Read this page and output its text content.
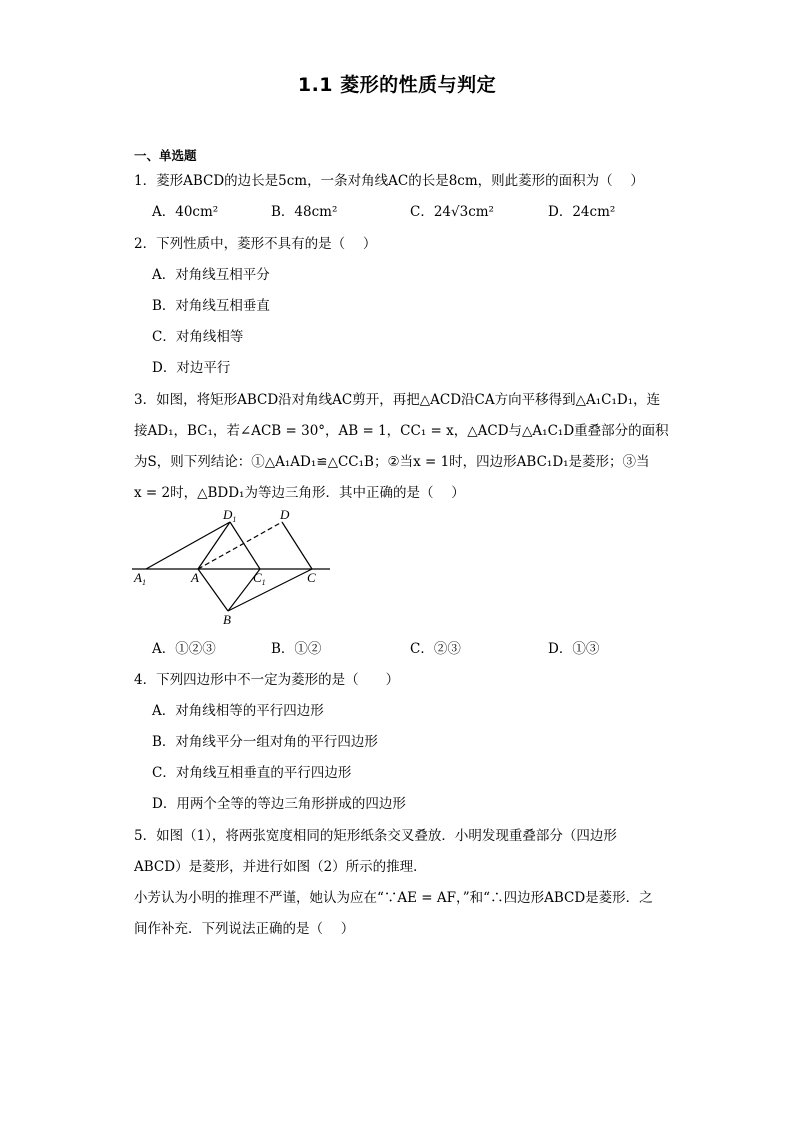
1.1 菱形的性质与判定
一、单选题
1．菱形ABCD的边长是5cm，一条对角线AC的长是8cm，则此菱形的面积为（　 ）
A．40cm²	B．48cm²	C．24√3cm²	D．24cm²
2．下列性质中，菱形不具有的是（　 ）
A．对角线互相平分
B．对角线互相垂直
C．对角线相等
D．对边平行
3．如图，将矩形ABCD沿对角线AC剪开，再把△ACD沿CA方向平移得到△A₁C₁D₁，连
接AD₁，BC₁，若∠ACB = 30°，AB = 1，CC₁ = x，△ACD与△A₁C₁D重叠部分的面积
为S，则下列结论：①△A₁AD₁≌△CC₁B；②当x = 1时，四边形ABC₁D₁是菱形；③当
x = 2时，△BDD₁为等边三角形．其中正确的是（　 ）
$D_1$	D
$A_1$	A	$C_1$	C
B
A．①②③	B．①②	C．②③	D．①③
4．下列四边形中不一定为菱形的是（　　）
A．对角线相等的平行四边形
B．对角线平分一组对角的平行四边形
C．对角线互相垂直的平行四边形
D．用两个全等的等边三角形拼成的四边形
5．如图（1），将两张宽度相同的矩形纸条交叉叠放．小明发现重叠部分（四边形
ABCD）是菱形，并进行如图（2）所示的推理．
小芳认为小明的推理不严谨，她认为应在“∵AE = AF，”和“∴四边形ABCD是菱形．之
间作补充．下列说法正确的是（　 ）
